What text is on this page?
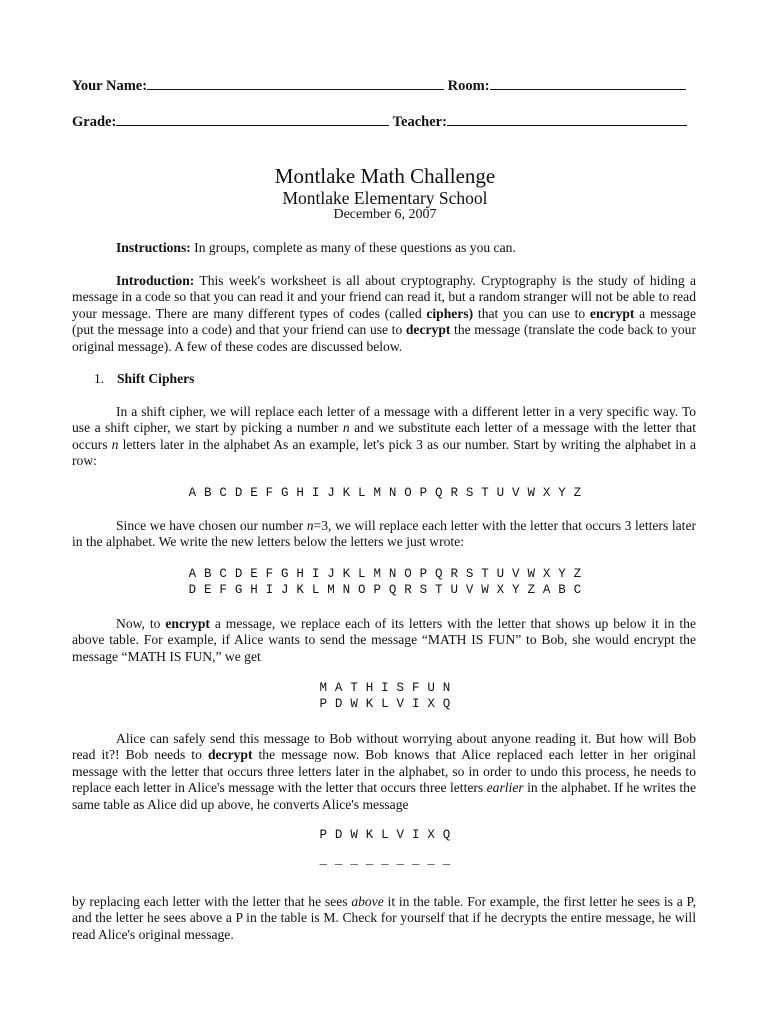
Your Name:	Room:
Grade:	Teacher:
Montlake Math Challenge
Montlake Elementary School
December 6, 2007

Instructions: In groups, complete as many of these questions as you can.

Introduction: This week's worksheet is all about cryptography. Cryptography is the study of hiding a message in a code so that you can read it and your friend can read it, but a random stranger will not be able to read your message. There are many different types of codes (called ciphers) that you can use to encrypt a message (put the message into a code) and that your friend can use to decrypt the message (translate the code back to your original message). A few of these codes are discussed below.

1. Shift Ciphers

In a shift cipher, we will replace each letter of a message with a different letter in a very specific way. To use a shift cipher, we start by picking a number n and we substitute each letter of a message with the letter that occurs n letters later in the alphabet As an example, let's pick 3 as our number. Start by writing the alphabet in a row:

A B C D E F G H I J K L M N O P Q R S T U V W X Y Z

Since we have chosen our number n=3, we will replace each letter with the letter that occurs 3 letters later in the alphabet. We write the new letters below the letters we just wrote:

A B C D E F G H I J K L M N O P Q R S T U V W X Y Z
D E F G H I J K L M N O P Q R S T U V W X Y Z A B C

Now, to encrypt a message, we replace each of its letters with the letter that shows up below it in the above table. For example, if Alice wants to send the message “MATH IS FUN” to Bob, she would encrypt the message “MATH IS FUN,” we get

M A T H I S F U N
P D W K L V I X Q

Alice can safely send this message to Bob without worrying about anyone reading it. But how will Bob read it?! Bob needs to decrypt the message now. Bob knows that Alice replaced each letter in her original message with the letter that occurs three letters later in the alphabet, so in order to undo this process, he needs to replace each letter in Alice's message with the letter that occurs three letters earlier in the alphabet. If he writes the same table as Alice did up above, he converts Alice's message

P D W K L V I X Q
_ _ _ _ _ _ _ _ _

by replacing each letter with the letter that he sees above it in the table. For example, the first letter he sees is a P, and the letter he sees above a P in the table is M. Check for yourself that if he decrypts the entire message, he will read Alice's original message.
